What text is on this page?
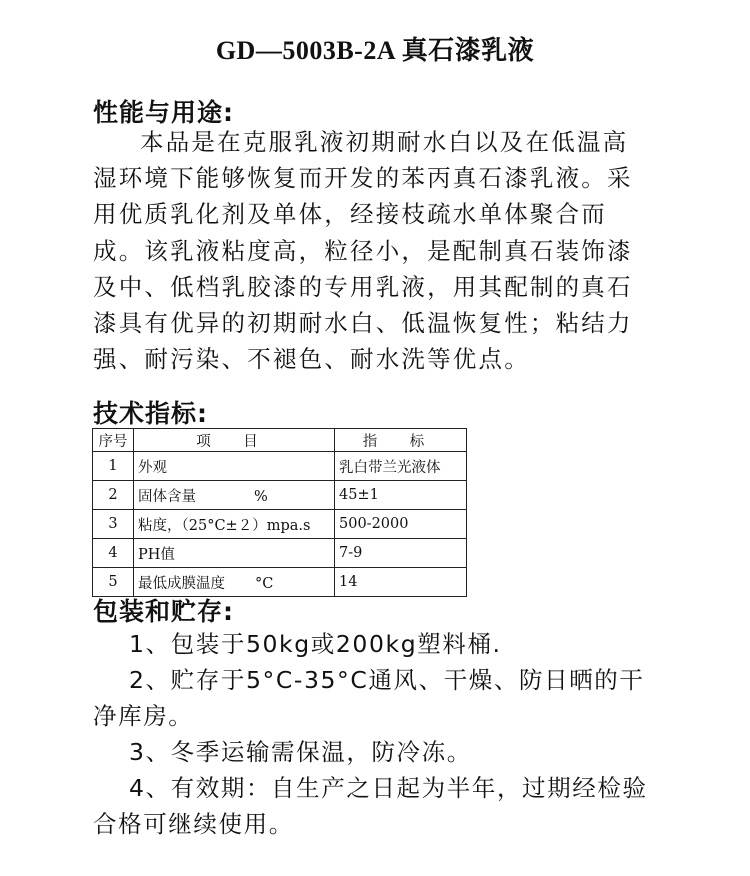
GD—5003B-2A 真石漆乳液
性能与用途:

本品是在克服乳液初期耐水白以及在低温高湿环境下能够恢复而开发的苯丙真石漆乳液。采用优质乳化剂及单体，经接枝疏水单体聚合而成。该乳液粘度高，粒径小，是配制真石装饰漆及中、低档乳胶漆的专用乳液，用其配制的真石漆具有优异的初期耐水白、低温恢复性；粘结力强、耐污染、不褪色、耐水洗等优点。

技术指标:
序号	项 目	指 标
1	外观	乳白带兰光液体
2	固体含量 %	45±1
3	粘度，（25°C±２）mpa.s	500-2000
4	PH值	7-9
5	最低成膜温度 °C	14
包装和贮存:

1、包装于50kg或200kg塑料桶.

2、贮存于5°C-35°C通风、干燥、防日晒的干净库房。

3、冬季运输需保温，防冷冻。

4、有效期：自生产之日起为半年，过期经检验合格可继续使用。
